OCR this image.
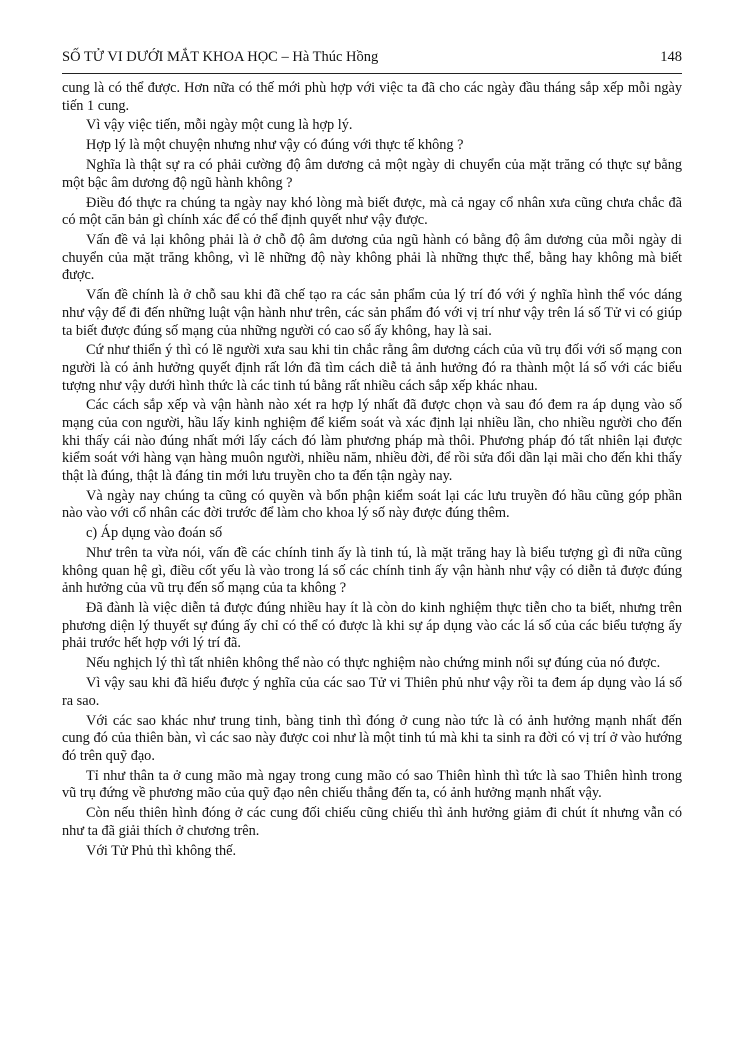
SỐ TỬ VI DƯỚI MẮT KHOA HỌC – Hà Thúc Hồng	148

cung là có thể được. Hơn nữa có thế mới phù hợp với việc ta đã cho các ngày đầu tháng sắp xếp mỗi ngày tiến 1 cung.

Vì vậy việc tiến, mỗi ngày một cung là hợp lý.

Hợp lý là một chuyện nhưng như vậy có đúng với thực tế không ?

Nghĩa là thật sự ra có phải cường độ âm dương cả một ngày di chuyển của mặt trăng có thực sự bằng một bậc âm dương độ ngũ hành không ?

Điều đó thực ra chúng ta ngày nay khó lòng mà biết được, mà cả ngay cổ nhân xưa cũng chưa chắc đã có một căn bản gì chính xác để có thể định quyết như vậy được.

Vấn đề vả lại không phải là ở chỗ độ âm dương của ngũ hành có bằng độ âm dương của mỗi ngày di chuyển của mặt trăng không, vì lẽ những độ này không phải là những thực thể, bằng hay không mà biết được.

Vấn đề chính là ở chỗ sau khi đã chế tạo ra các sản phẩm của lý trí đó với ý nghĩa hình thể vóc dáng như vậy để đi đến những luật vận hành như trên, các sản phẩm đó với vị trí như vậy trên lá số Tử vi có giúp ta biết được đúng số mạng của những người có cao số ấy không, hay là sai.

Cứ như thiển ý thì có lẽ người xưa sau khi tin chắc rằng âm dương cách của vũ trụ đối với số mạng con người là có ảnh hưởng quyết định rất lớn đã tìm cách diễ tả ảnh hưởng đó ra thành một lá số với các biểu tượng như vậy dưới hình thức là các tinh tú bằng rất nhiều cách sắp xếp khác nhau.

Các cách sắp xếp và vận hành nào xét ra hợp lý nhất đã được chọn và sau đó đem ra áp dụng vào số mạng của con người, hầu lấy kinh nghiệm để kiểm soát và xác định lại nhiều lần, cho nhiều người cho đến khi thấy cái nào đúng nhất mới lấy cách đó làm phương pháp mà thôi. Phương pháp đó tất nhiên lại được kiểm soát với hàng vạn hàng muôn người, nhiều năm, nhiều đời, để rồi sửa đổi dần lại mãi cho đến khi thấy thật là đúng, thật là đáng tin mới lưu truyền cho ta đến tận ngày nay.

Và ngày nay chúng ta cũng có quyền và bổn phận kiểm soát lại các lưu truyền đó hầu cũng góp phần nào vào với cổ nhân các đời trước để làm cho khoa lý số này được đúng thêm.

c) Áp dụng vào đoán số

Như trên ta vừa nói, vấn đề các chính tinh ấy là tinh tú, là mặt trăng hay là biểu tượng gì đi nữa cũng không quan hệ gì, điều cốt yếu là vào trong lá số các chính tinh ấy vận hành như vậy có diễn tả được đúng ảnh hưởng của vũ trụ đến số mạng của ta không ?

Đã đành là việc diễn tả được đúng nhiều hay ít là còn do kinh nghiệm thực tiễn cho ta biết, nhưng trên phương diện lý thuyết sự đúng ấy chỉ có thể có được là khi sự áp dụng vào các lá số của các biểu tượng ấy phải trước hết hợp với lý trí đã.

Nếu nghịch lý thì tất nhiên không thể nào có thực nghiệm nào chứng minh nổi sự đúng của nó được.

Vì vậy sau khi đã hiểu được ý nghĩa của các sao Tử vi Thiên phủ như vậy rồi ta đem áp dụng vào lá số ra sao.

Với các sao khác như trung tinh, bàng tinh thì đóng ở cung nào tức là có ảnh hưởng mạnh nhất đến cung đó của thiên bàn, vì các sao này được coi như là một tinh tú mà khi ta sinh ra đời có vị trí ở vào hướng đó trên quỹ đạo.

Tỉ như thân ta ở cung mão mà ngay trong cung mão có sao Thiên hình thì tức là sao Thiên hình trong vũ trụ đứng về phương mão của quỹ đạo nên chiếu thẳng đến ta, có ảnh hưởng mạnh nhất vậy.

Còn nếu thiên hình đóng ở các cung đối chiếu cũng chiếu thì ảnh hưởng giảm đi chút ít nhưng vẫn có như ta đã giải thích ở chương trên.

Với Tử Phủ thì không thế.
